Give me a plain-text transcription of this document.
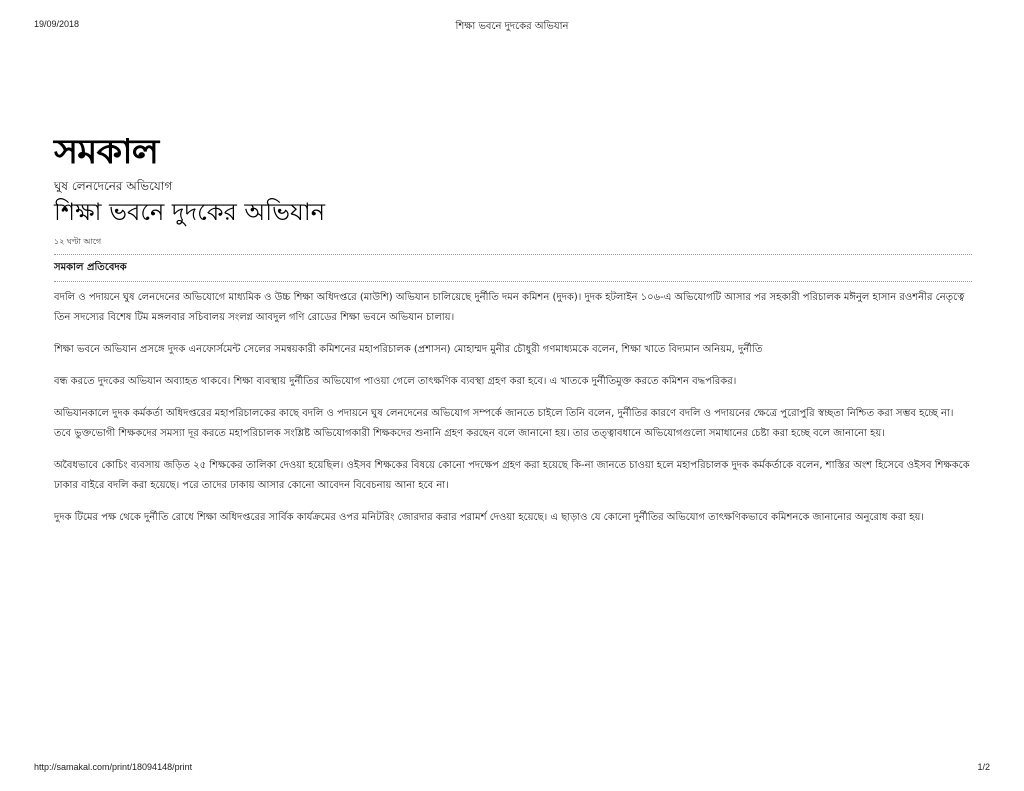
19/09/2018	শিক্ষা ভবনে দুদকের অভিযান
সমকাল
ঘুষ লেনদেনের অভিযোগ
শিক্ষা ভবনে দুদকের অভিযান
১২ ঘণ্টা আগে
সমকাল প্রতিবেদক

বদলি ও পদায়নে ঘুষ লেনদেনের অভিযোগে মাধ্যমিক ও উচ্চ শিক্ষা অধিদপ্তরে (মাউশি) অভিযান চালিয়েছে দুর্নীতি দমন কমিশন (দুদক)। দুদক হটলাইন ১০৬-এ অভিযোগটি আসার পর সহকারী পরিচালক মঈনুল হাসান রওশনীর নেতৃত্বে তিন সদস্যের বিশেষ টিম মঙ্গলবার সচিবালয় সংলগ্ন আবদুল গণি রোডের শিক্ষা ভবনে অভিযান চালায়।

শিক্ষা ভবনে অভিযান প্রসঙ্গে দুদক এনফোর্সমেন্ট সেলের সমন্বয়কারী কমিশনের মহাপরিচালক (প্রশাসন) মোহাম্মদ মুনীর চৌধুরী গণমাধ্যমকে বলেন, শিক্ষা খাতে বিদ্যমান অনিয়ম, দুর্নীতি

বন্ধ করতে দুদকের অভিযান অব্যাহত থাকবে। শিক্ষা ব্যবস্থায় দুর্নীতির অভিযোগ পাওয়া গেলে তাৎক্ষণিক ব্যবস্থা গ্রহণ করা হবে। এ খাতকে দুর্নীতিমুক্ত করতে কমিশন বদ্ধপরিকর।

অভিযানকালে দুদক কর্মকর্তা অধিদপ্তরের মহাপরিচালকের কাছে বদলি ও পদায়নে ঘুষ লেনদেনের অভিযোগ সম্পর্কে জানতে চাইলে তিনি বলেন, দুর্নীতির কারণে বদলি ও পদায়নের ক্ষেত্রে পুরোপুরি স্বচ্ছতা নিশ্চিত করা সম্ভব হচ্ছে না। তবে ভুক্তভোগী শিক্ষকদের সমস্যা দূর করতে মহাপরিচালক সংশ্লিষ্ট অভিযোগকারী শিক্ষকদের শুনানি গ্রহণ করছেন বলে জানানো হয়। তার তত্ত্বাবধানে অভিযোগগুলো সমাধানের চেষ্টা করা হচ্ছে বলে জানানো হয়।

অবৈধভাবে কোচিং ব্যবসায় জড়িত ২৫ শিক্ষকের তালিকা দেওয়া হয়েছিল। ওইসব শিক্ষকের বিষয়ে কোনো পদক্ষেপ গ্রহণ করা হয়েছে কি-না জানতে চাওয়া হলে মহাপরিচালক দুদক কর্মকর্তাকে বলেন, শাস্তির অংশ হিসেবে ওইসব শিক্ষককে ঢাকার বাইরে বদলি করা হয়েছে। পরে তাদের ঢাকায় আসার কোনো আবেদন বিবেচনায় আনা হবে না।

দুদক টিমের পক্ষ থেকে দুর্নীতি রোধে শিক্ষা অধিদপ্তরের সার্বিক কার্যক্রমের ওপর মনিটরিং জোরদার করার পরামর্শ দেওয়া হয়েছে। এ ছাড়াও যে কোনো দুর্নীতির অভিযোগ তাৎক্ষণিকভাবে কমিশনকে জানানোর অনুরোধ করা হয়।

http://samakal.com/print/18094148/print	1/2
